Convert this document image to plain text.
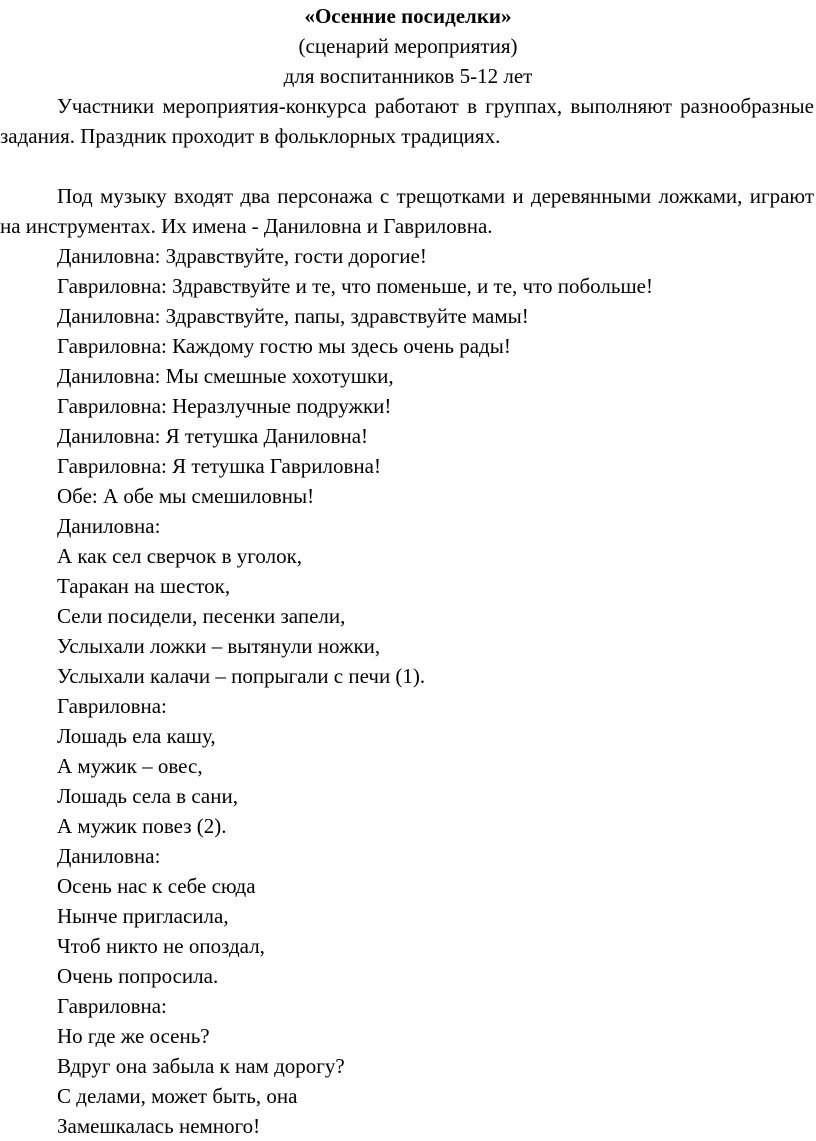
«Осенние посиделки»
(сценарий мероприятия)
для воспитанников 5-12 лет

Участники мероприятия-конкурса работают в группах, выполняют разнообразные задания. Праздник проходит в фольклорных традициях.

Под музыку входят два персонажа с трещотками и деревянными ложками, играют на инструментах. Их имена - Даниловна и Гавриловна.

Даниловна: Здравствуйте, гости дорогие!
Гавриловна: Здравствуйте и те, что поменьше, и те, что побольше!
Даниловна: Здравствуйте, папы, здравствуйте мамы!
Гавриловна: Каждому гостю мы здесь очень рады!
Даниловна: Мы смешные хохотушки,
Гавриловна: Неразлучные подружки!
Даниловна: Я тетушка Даниловна!
Гавриловна: Я тетушка Гавриловна!
Обе: А обе мы смешиловны!
Даниловна:
А как сел сверчок в уголок,
Таракан на шесток,
Сели посидели, песенки запели,
Услыхали ложки – вытянули ножки,
Услыхали калачи – попрыгали с печи (1).
Гавриловна:
Лошадь ела кашу,
А мужик – овес,
Лошадь села в сани,
А мужик повез (2).
Даниловна:
Осень нас к себе сюда
Нынче пригласила,
Чтоб никто не опоздал,
Очень попросила.
Гавриловна:
Но где же осень?
Вдруг она забыла к нам дорогу?
С делами, может быть, она
Замешкалась немного!
